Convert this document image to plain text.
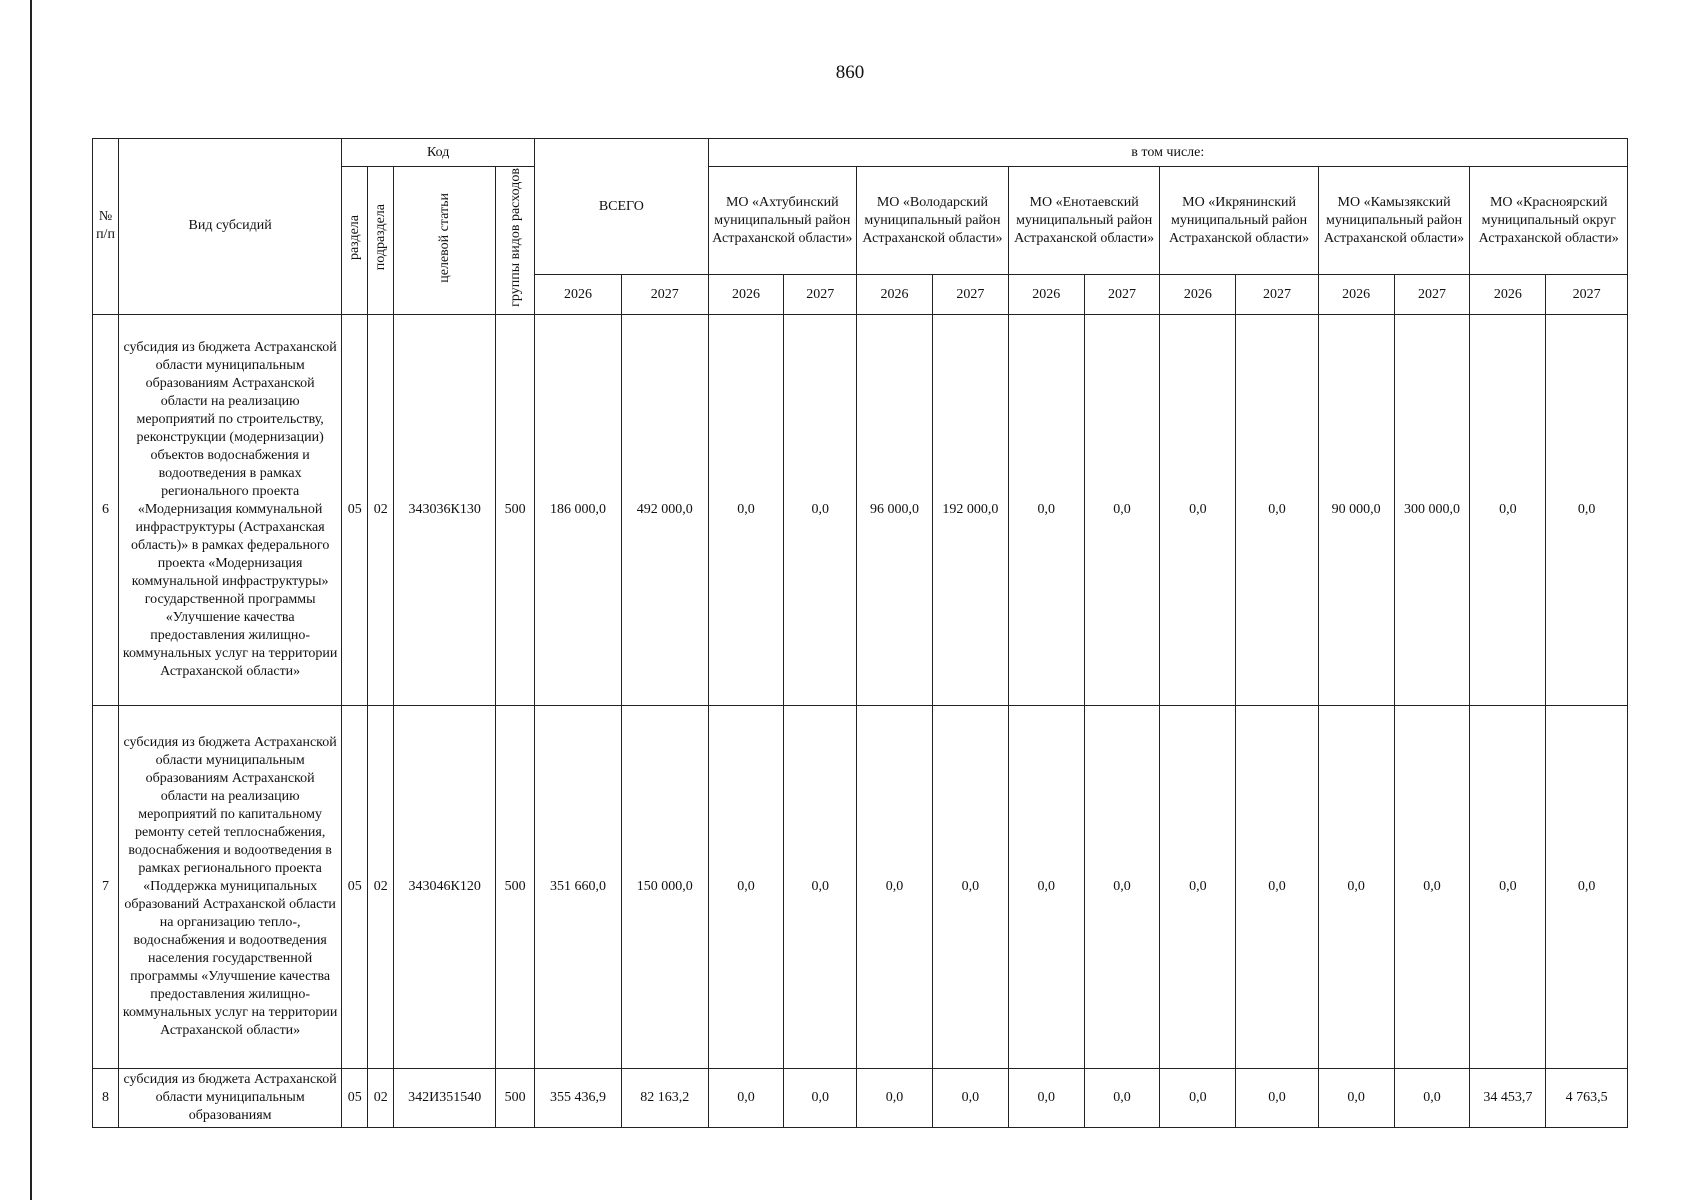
860
№ п/п	Вид субсидий	Код				ВСЕГО		в том числе:											
		раздела	подраздела	целевой статьи	группы видов расходов			МО «Ахтубинский муниципальный район Астраханской области»		МО «Володарский муниципальный район Астраханской области»		МО «Енотаевский муниципальный район Астраханской области»		МО «Икрянинский муниципальный район Астраханской области»		МО «Камызякский муниципальный район Астраханской области»		МО «Красноярский муниципальный округ Астраханской области»	
						2026	2027	2026	2027	2026	2027	2026	2027	2026	2027	2026	2027	2026	2027
6	субсидия из бюджета Астраханской области муниципальным образованиям Астраханской области на реализацию мероприятий по строительству, реконструкции (модернизации) объектов водоснабжения и водоотведения в рамках регионального проекта «Модернизация коммунальной инфраструктуры (Астраханская область)» в рамках федерального проекта «Модернизация коммунальной инфраструктуры» государственной программы «Улучшение качества предоставления жилищно-коммунальных услуг на территории Астраханской области»	05	02	343036К130	500	186 000,0	492 000,0	0,0	0,0	96 000,0	192 000,0	0,0	0,0	0,0	0,0	90 000,0	300 000,0	0,0	0,0
7	субсидия из бюджета Астраханской области муниципальным образованиям Астраханской области на реализацию мероприятий по капитальному ремонту сетей теплоснабжения, водоснабжения и водоотведения в рамках регионального проекта «Поддержка муниципальных образований Астраханской области на организацию тепло-, водоснабжения и водоотведения населения государственной программы «Улучшение качества предоставления жилищно-коммунальных услуг на территории Астраханской области»	05	02	343046К120	500	351 660,0	150 000,0	0,0	0,0	0,0	0,0	0,0	0,0	0,0	0,0	0,0	0,0	0,0	0,0
8	субсидия из бюджета Астраханской области муниципальным образованиям	05	02	342И351540	500	355 436,9	82 163,2	0,0	0,0	0,0	0,0	0,0	0,0	0,0	0,0	0,0	0,0	34 453,7	4 763,5
